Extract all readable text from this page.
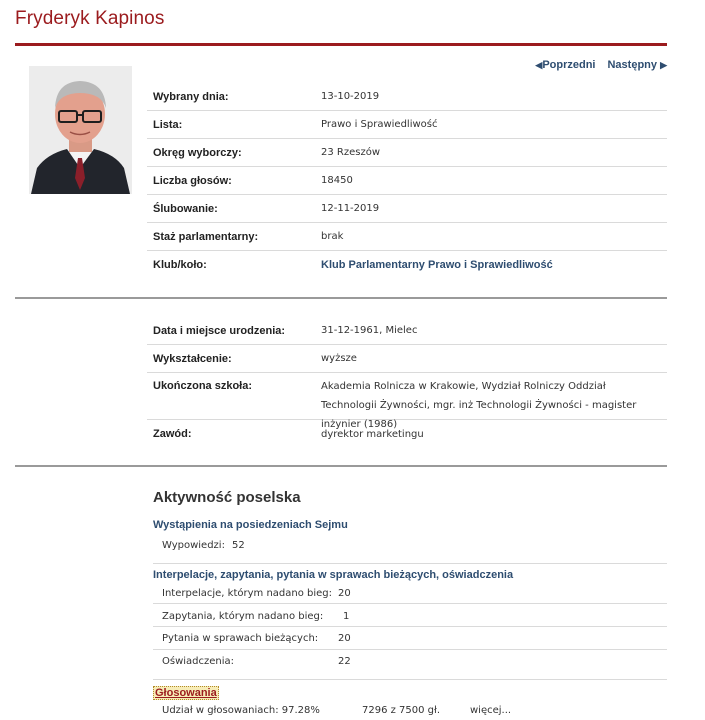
Fryderyk Kapinos
◀Poprzedni Następny ▶
Wybrany dnia:	13-10-2019
Lista:	Prawo i Sprawiedliwość
Okręg wyborczy:	23 Rzeszów
Liczba głosów:	18450
Ślubowanie:	12-11-2019
Staż parlamentarny:	brak
Klub/koło:	Klub Parlamentarny Prawo i Sprawiedliwość
Data i miejsce urodzenia:	31-12-1961, Mielec
Wykształcenie:	wyższe
Ukończona szkoła:	Akademia Rolnicza w Krakowie, Wydział Rolniczy Oddział Technologii Żywności, mgr. inż Technologii Żywności - magister inżynier (1986)
Zawód:	dyrektor marketingu
Aktywność poselska
Wystąpienia na posiedzeniach Sejmu
Wypowiedzi: 52
Interpelacje, zapytania, pytania w sprawach bieżących, oświadczenia
Interpelacje, którym nadano bieg: 20
Zapytania, którym nadano bieg:	1
Pytania w sprawach bieżących:	20
Oświadczenia:	22
Głosowania
Udział w głosowaniach: 97.28%	7296 z 7500 gł.	więcej...
